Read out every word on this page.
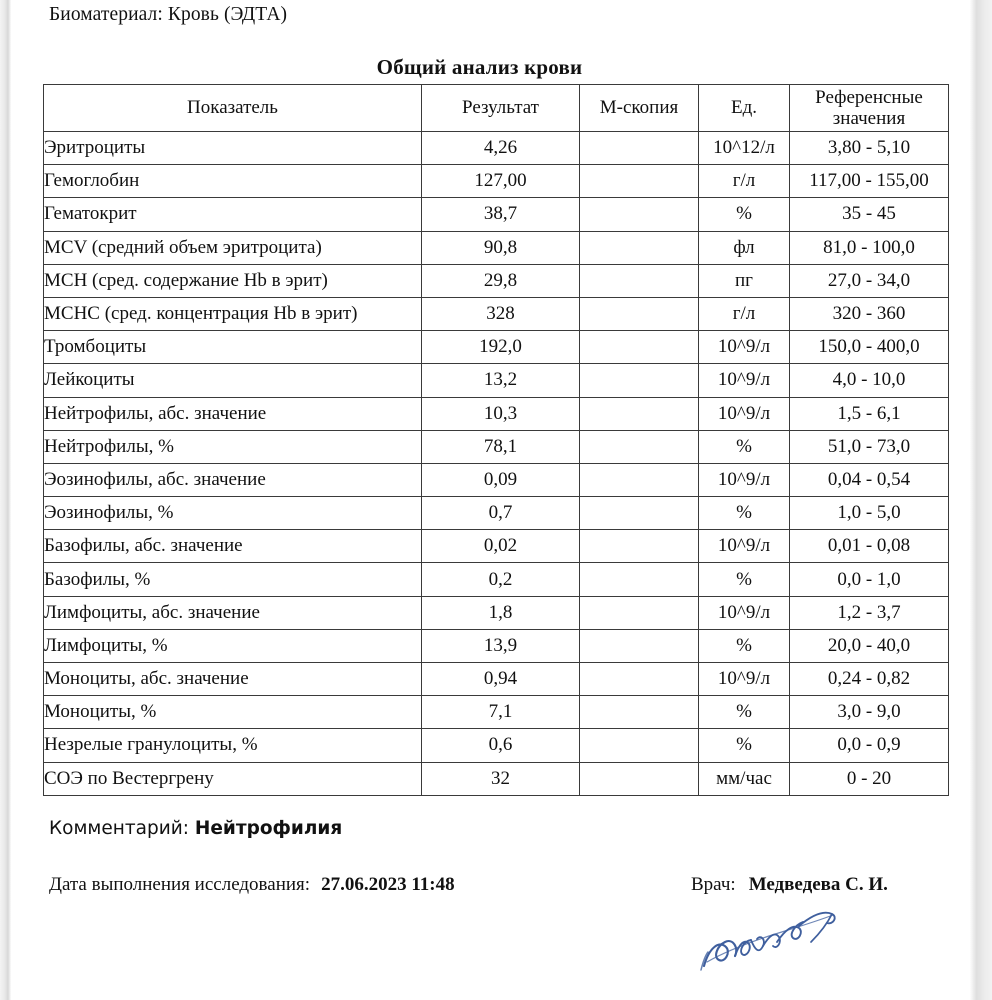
Биоматериал: Кровь (ЭДТА)
Общий анализ крови
Показатель	Результат	М-скопия	Ед.	Референсные
значения
Эритроциты	4,26		10^12/л	3,80 - 5,10
Гемоглобин	127,00		г/л	117,00 - 155,00
Гематокрит	38,7		%	35 - 45
MCV (средний объем эритроцита)	90,8		фл	81,0 - 100,0
MCH (сред. содержание Hb в эрит)	29,8		пг	27,0 - 34,0
MCHC (сред. концентрация Hb в эрит)	328		г/л	320 - 360
Тромбоциты	192,0		10^9/л	150,0 - 400,0
Лейкоциты	13,2		10^9/л	4,0 - 10,0
Нейтрофилы, абс. значение	10,3		10^9/л	1,5 - 6,1
Нейтрофилы, %	78,1		%	51,0 - 73,0
Эозинофилы, абс. значение	0,09		10^9/л	0,04 - 0,54
Эозинофилы, %	0,7		%	1,0 - 5,0
Базофилы, абс. значение	0,02		10^9/л	0,01 - 0,08
Базофилы, %	0,2		%	0,0 - 1,0
Лимфоциты, абс. значение	1,8		10^9/л	1,2 - 3,7
Лимфоциты, %	13,9		%	20,0 - 40,0
Моноциты, абс. значение	0,94		10^9/л	0,24 - 0,82
Моноциты, %	7,1		%	3,0 - 9,0
Незрелые гранулоциты, %	0,6		%	0,0 - 0,9
СОЭ по Вестергрену	32		мм/час	0 - 20
Комментарий: Нейтрофилия
Дата выполнения исследования: 27.06.2023 11:48	Врач: Медведева С. И.
